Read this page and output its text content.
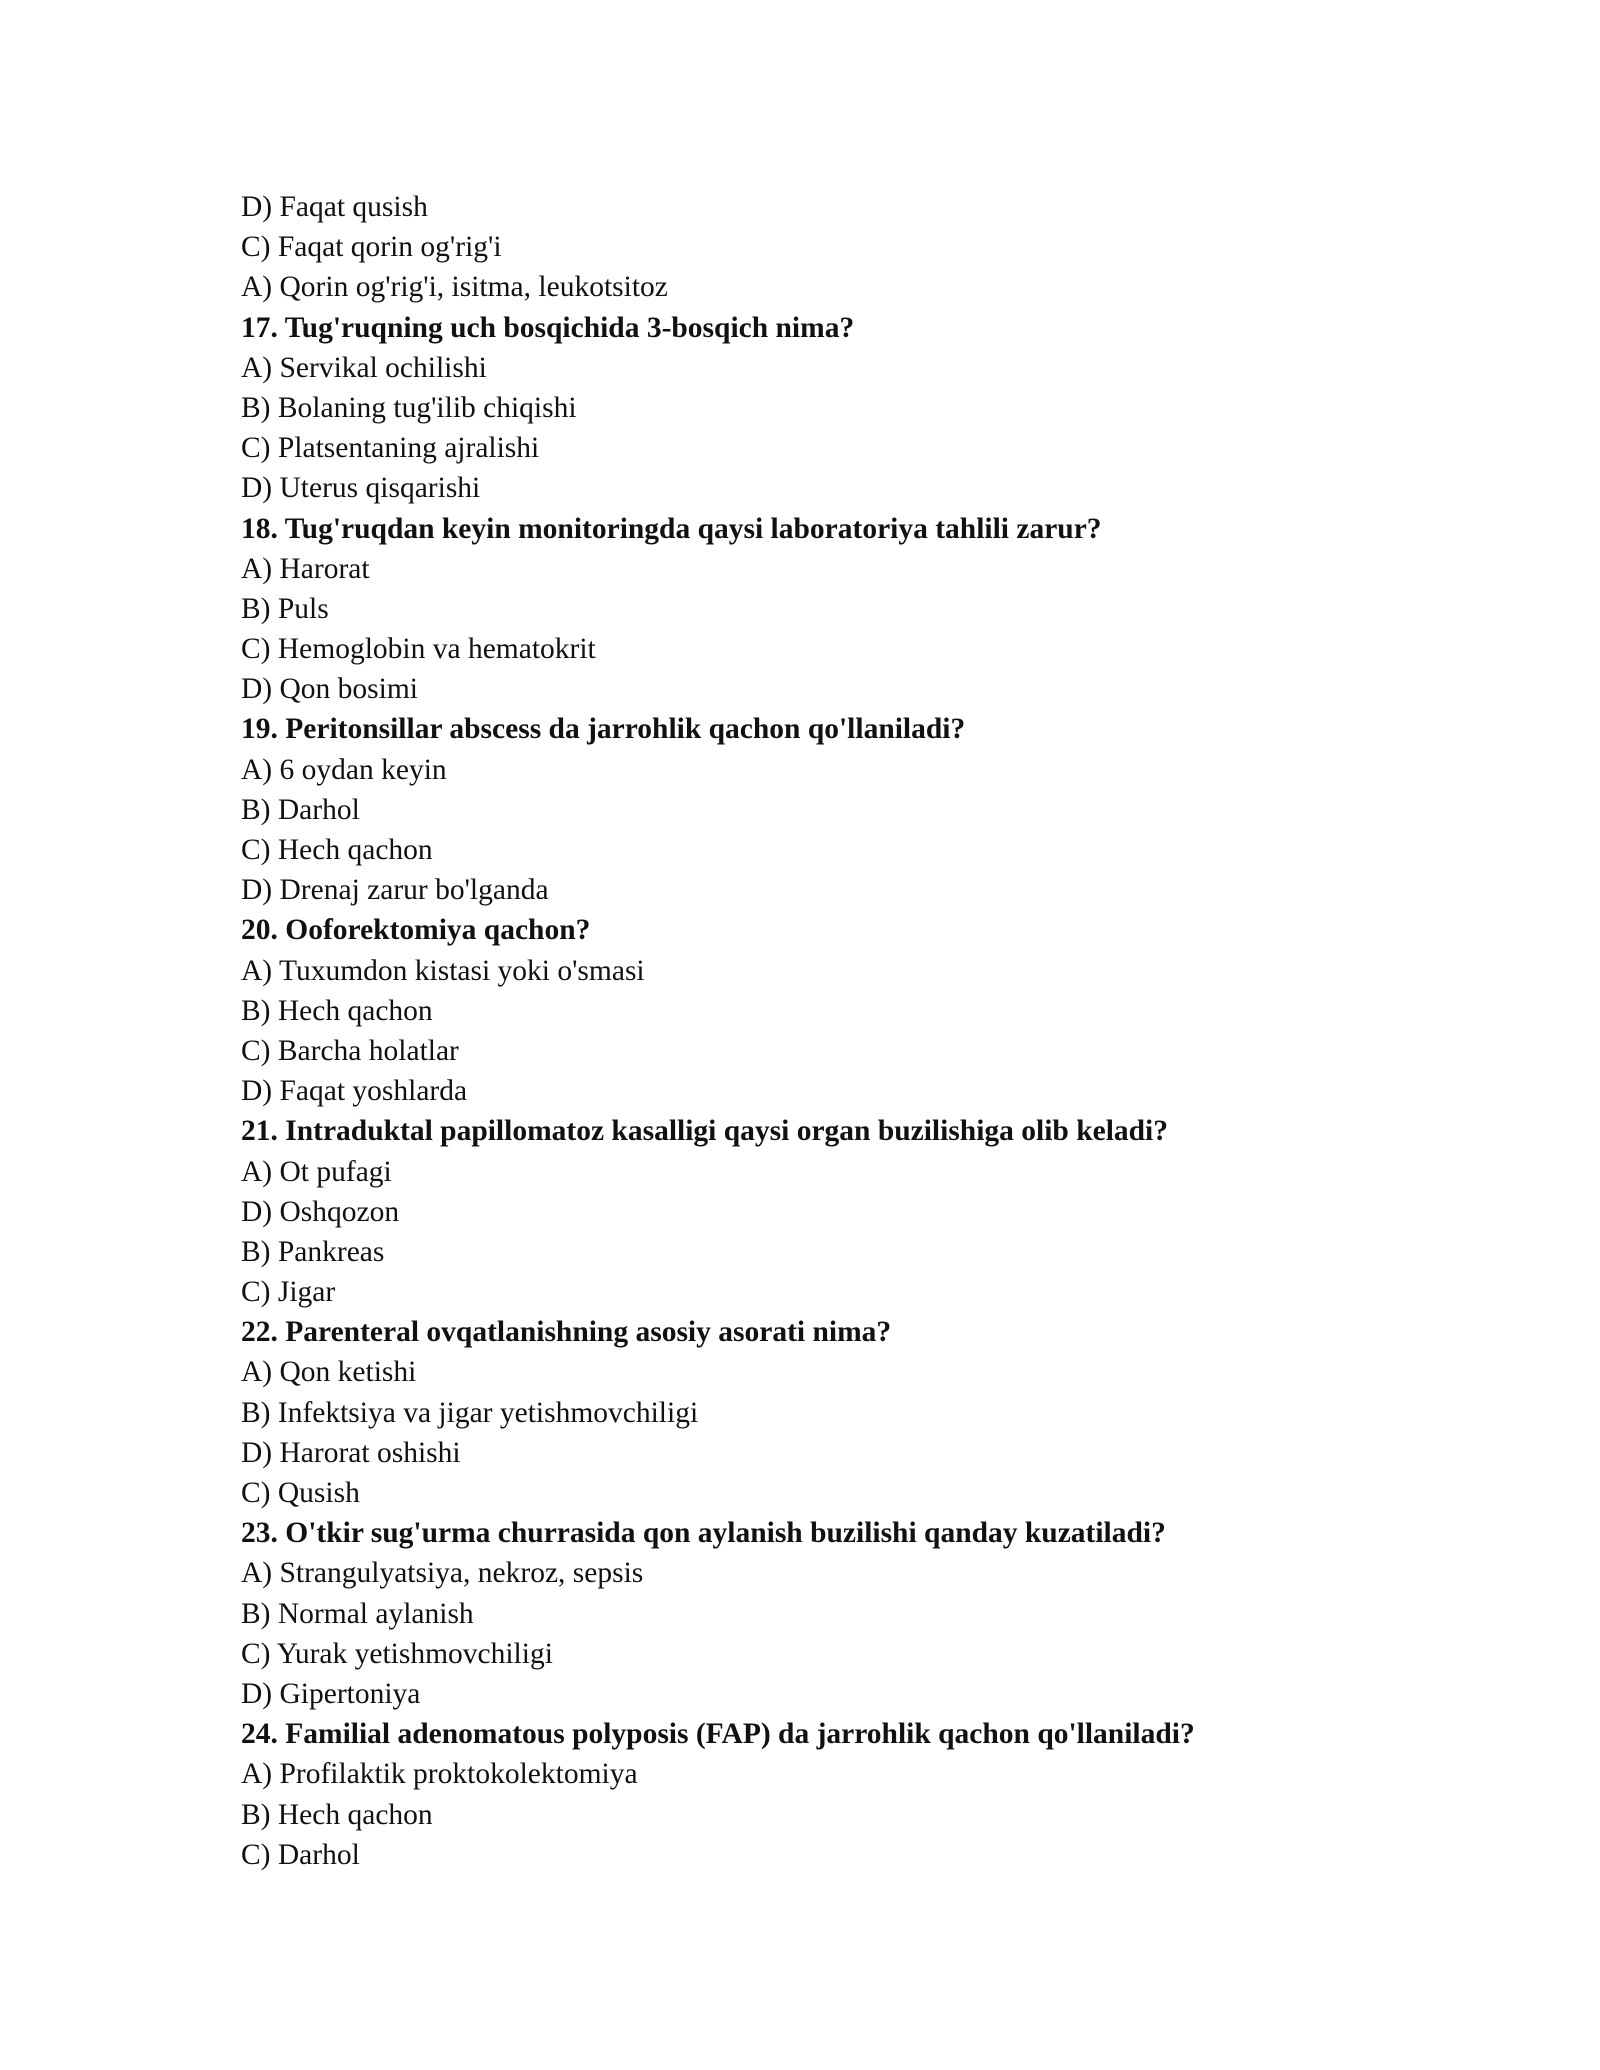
D) Faqat qusish
C) Faqat qorin og'rig'i
A) Qorin og'rig'i, isitma, leukotsitoz
17. Tug'ruqning uch bosqichida 3-bosqich nima?
A) Servikal ochilishi
B) Bolaning tug'ilib chiqishi
C) Platsentaning ajralishi
D) Uterus qisqarishi
18. Tug'ruqdan keyin monitoringda qaysi laboratoriya tahlili zarur?
A) Harorat
B) Puls
C) Hemoglobin va hematokrit
D) Qon bosimi
19. Peritonsillar abscess da jarrohlik qachon qo'llaniladi?
A) 6 oydan keyin
B) Darhol
C) Hech qachon
D) Drenaj zarur bo'lganda
20. Ooforektomiya qachon?
A) Tuxumdon kistasi yoki o'smasi
B) Hech qachon
C) Barcha holatlar
D) Faqat yoshlarda
21. Intraduktal papillomatoz kasalligi qaysi organ buzilishiga olib keladi?
A) Ot pufagi
D) Oshqozon
B) Pankreas
C) Jigar
22. Parenteral ovqatlanishning asosiy asorati nima?
A) Qon ketishi
B) Infektsiya va jigar yetishmovchiligi
D) Harorat oshishi
C) Qusish
23. O'tkir sug'urma churrasida qon aylanish buzilishi qanday kuzatiladi?
A) Strangulyatsiya, nekroz, sepsis
B) Normal aylanish
C) Yurak yetishmovchiligi
D) Gipertoniya
24. Familial adenomatous polyposis (FAP) da jarrohlik qachon qo'llaniladi?
A) Profilaktik proktokolektomiya
B) Hech qachon
C) Darhol
